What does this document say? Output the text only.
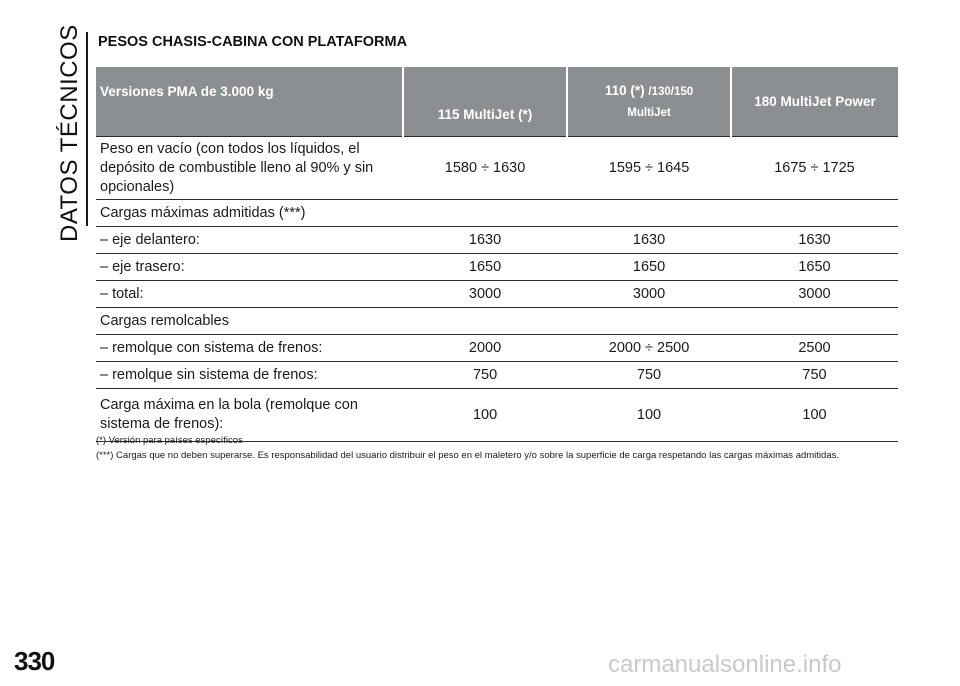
DATOS TÉCNICOS	PESOS CHASIS-CABINA CON PLATAFORMA
Versiones PMA de 3.000 kg	115 MultiJet (*)	110 (*) /130/150
MultiJet	180 MultiJet Power
Peso en vacío (con todos los líquidos, el depósito de combustible lleno al 90% y sin opcionales)	1580 ÷ 1630	1595 ÷ 1645	1675 ÷ 1725
Cargas máximas admitidas (***)			
– eje delantero:	1630	1630	1630
– eje trasero:	1650	1650	1650
– total:	3000	3000	3000
Cargas remolcables			
– remolque con sistema de frenos:	2000	2000 ÷ 2500	2500
– remolque sin sistema de frenos:	750	750	750
Carga máxima en la bola (remolque con sistema de frenos):	100	100	100
(*) Versión para países específicos
(***) Cargas que no deben superarse. Es responsabilidad del usuario distribuir el peso en el maletero y/o sobre la superficie de carga respetando las cargas máximas admitidas.
330	carmanualsonline.info
